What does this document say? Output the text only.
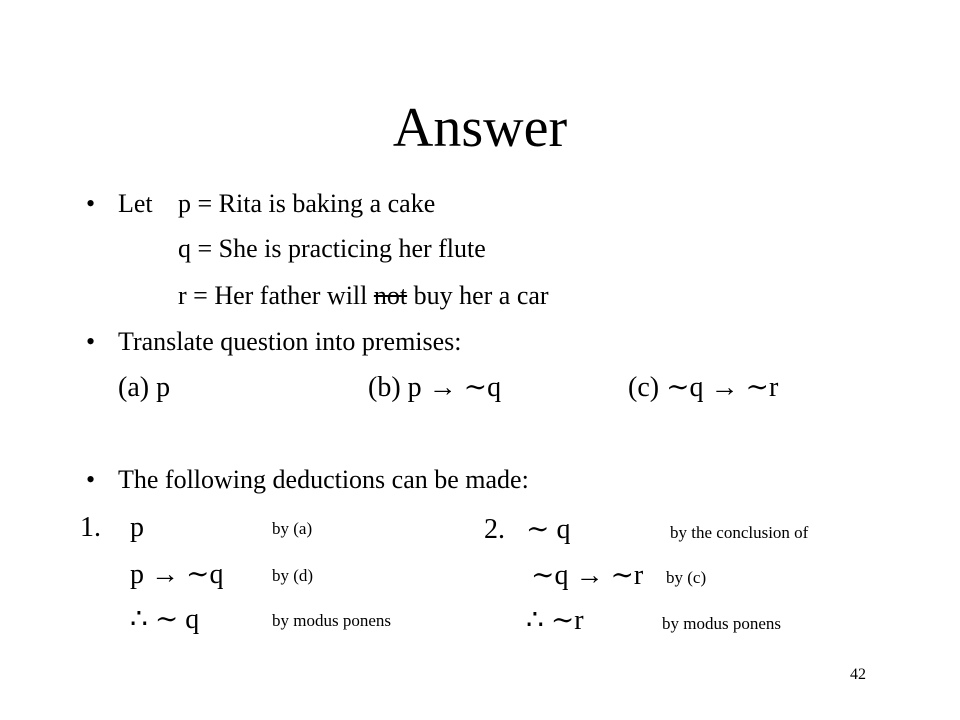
Answer
• Let p = Rita is baking a cake
q = She is practicing her flute
r = Her father will not buy her a car
• Translate question into premises:
(a) p	(b) p → ∼q	(c) ∼q → ∼r
• The following deductions can be made:
1. p	by (a)
p → ∼q	by (d)
∴ ∼ q	by modus ponens
2. ∼ q	by the conclusion of
∼q → ∼r by (c)
∴ ∼r	by modus ponens
42
